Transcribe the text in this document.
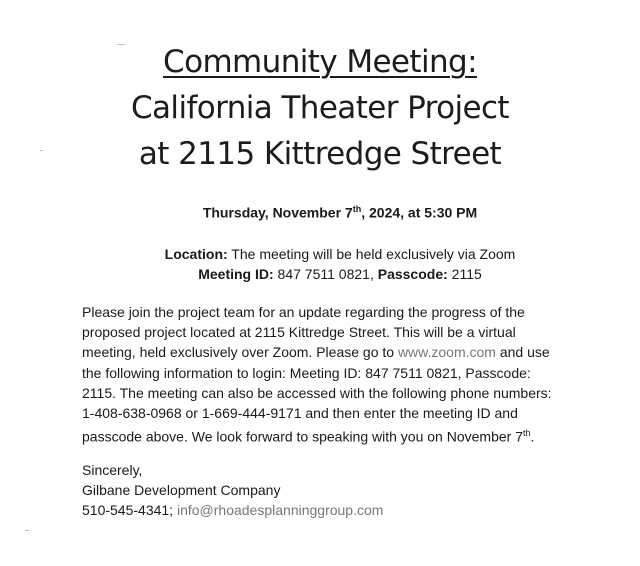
Community Meeting:
California Theater Project
at 2115 Kittredge Street
Thursday, November 7th, 2024, at 5:30 PM
Location: The meeting will be held exclusively via Zoom
Meeting ID: 847 7511 0821, Passcode: 2115

Please join the project team for an update regarding the progress of the proposed project located at 2115 Kittredge Street. This will be a virtual meeting, held exclusively over Zoom. Please go to www.zoom.com and use the following information to login: Meeting ID: 847 7511 0821, Passcode: 2115. The meeting can also be accessed with the following phone numbers: 1-408-638-0968 or 1-669-444-9171 and then enter the meeting ID and passcode above. We look forward to speaking with you on November 7th.

Sincerely,
Gilbane Development Company
510-545-4341; info@rhoadesplanninggroup.com
